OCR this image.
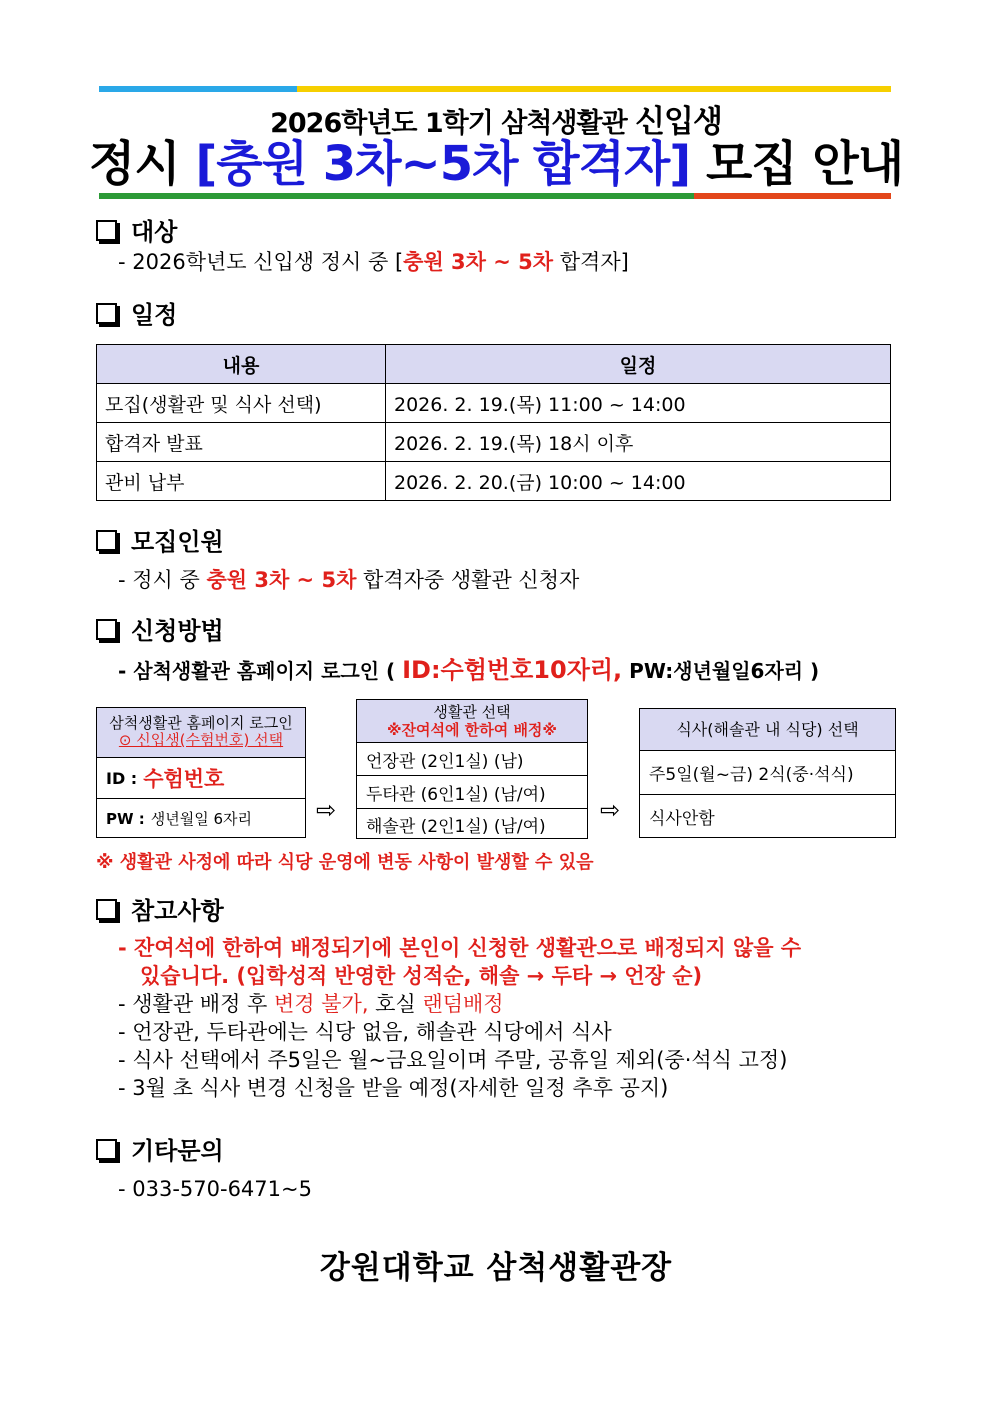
2026학년도 1학기 삼척생활관 신입생
정시 [충원 3차~5차 합격자] 모집 안내
대상
- 2026학년도 신입생 정시 중 [충원 3차 ~ 5차 합격자]
일정
내용	일정
모집(생활관 및 식사 선택)	2026. 2. 19.(목) 11:00 ~ 14:00
합격자 발표	2026. 2. 19.(목) 18시 이후
관비 납부	2026. 2. 20.(금) 10:00 ~ 14:00
모집인원
- 정시 중 충원 3차 ~ 5차 합격자중 생활관 신청자
신청방법
- 삼척생활관 홈페이지 로그인 ( ID:수험번호10자리, PW:생년월일6자리 )
삼척생활관 홈페이지 로그인
⊙ 신입생(수험번호) 선택
ID : 수험번호
PW : 생년월일 6자리	⇨
생활관 선택
※잔여석에 한하여 배정※
언장관 (2인1실) (남)
두타관 (6인1실) (남/여)
해솔관 (2인1실) (남/여)
⇨
식사(해솔관 내 식당) 선택
주5일(월~금) 2식(중·석식)
식사안함
※ 생활관 사정에 따라 식당 운영에 변동 사항이 발생할 수 있음
참고사항
- 잔여석에 한하여 배정되기에 본인이 신청한 생활관으로 배정되지 않을 수
있습니다. (입학성적 반영한 성적순, 해솔 → 두타 → 언장 순)
- 생활관 배정 후 변경 불가, 호실 랜덤배정
- 언장관, 두타관에는 식당 없음, 해솔관 식당에서 식사
- 식사 선택에서 주5일은 월~금요일이며 주말, 공휴일 제외(중·석식 고정)
- 3월 초 식사 변경 신청을 받을 예정(자세한 일정 추후 공지)
기타문의
- 033-570-6471~5
강원대학교 삼척생활관장
